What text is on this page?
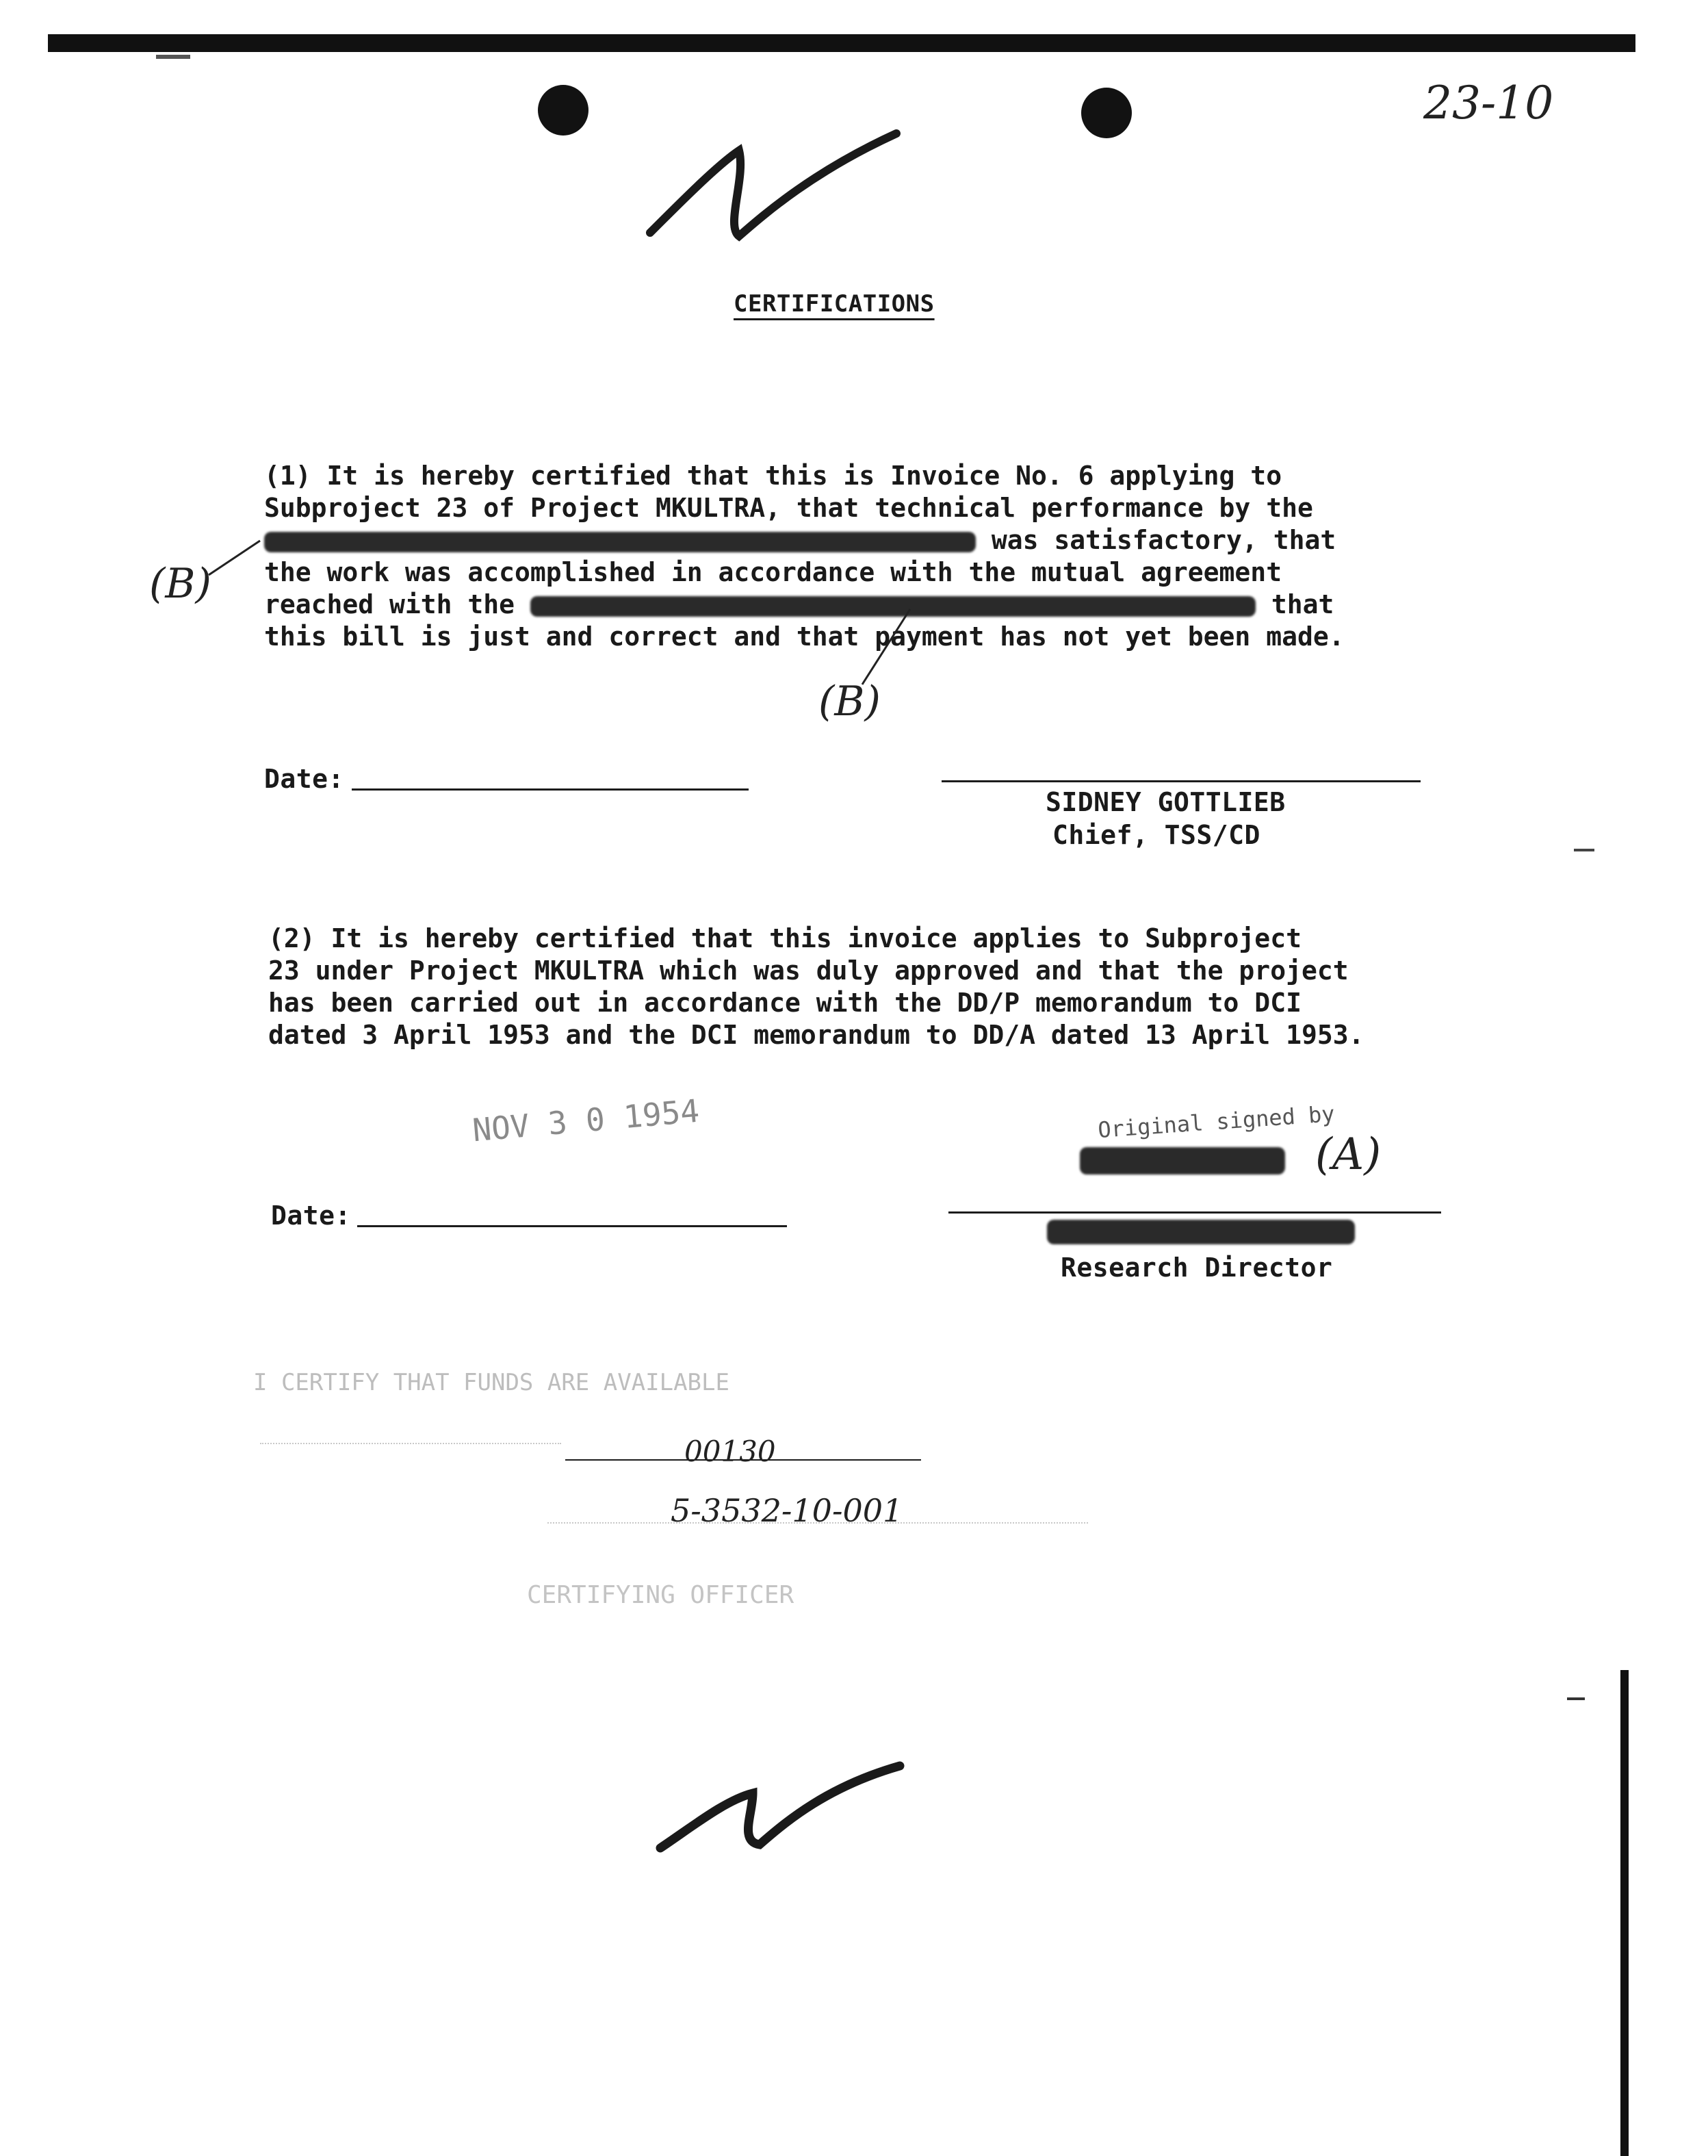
23-10
CERTIFICATIONS
(1) It is hereby certified that this is Invoice No. 6 applying to
Subproject 23 of Project MKULTRA, that technical performance by the
was satisfactory, that
the work was accomplished in accordance with the mutual agreement
reached with the	that
this bill is just and correct and that payment has not yet been made.
(B)
(B)
Date:
SIDNEY GOTTLIEB
Chief, TSS/CD
(2) It is hereby certified that this invoice applies to Subproject
23 under Project MKULTRA which was duly approved and that the project
has been carried out in accordance with the DD/P memorandum to DCI
dated 3 April 1953 and the DCI memorandum to DD/A dated 13 April 1953.
NOV 3 0 1954	Original signed by
(A)
Date:
Research Director
I CERTIFY THAT FUNDS ARE AVAILABLE
00130
5-3532-10-001
CERTIFYING OFFICER
